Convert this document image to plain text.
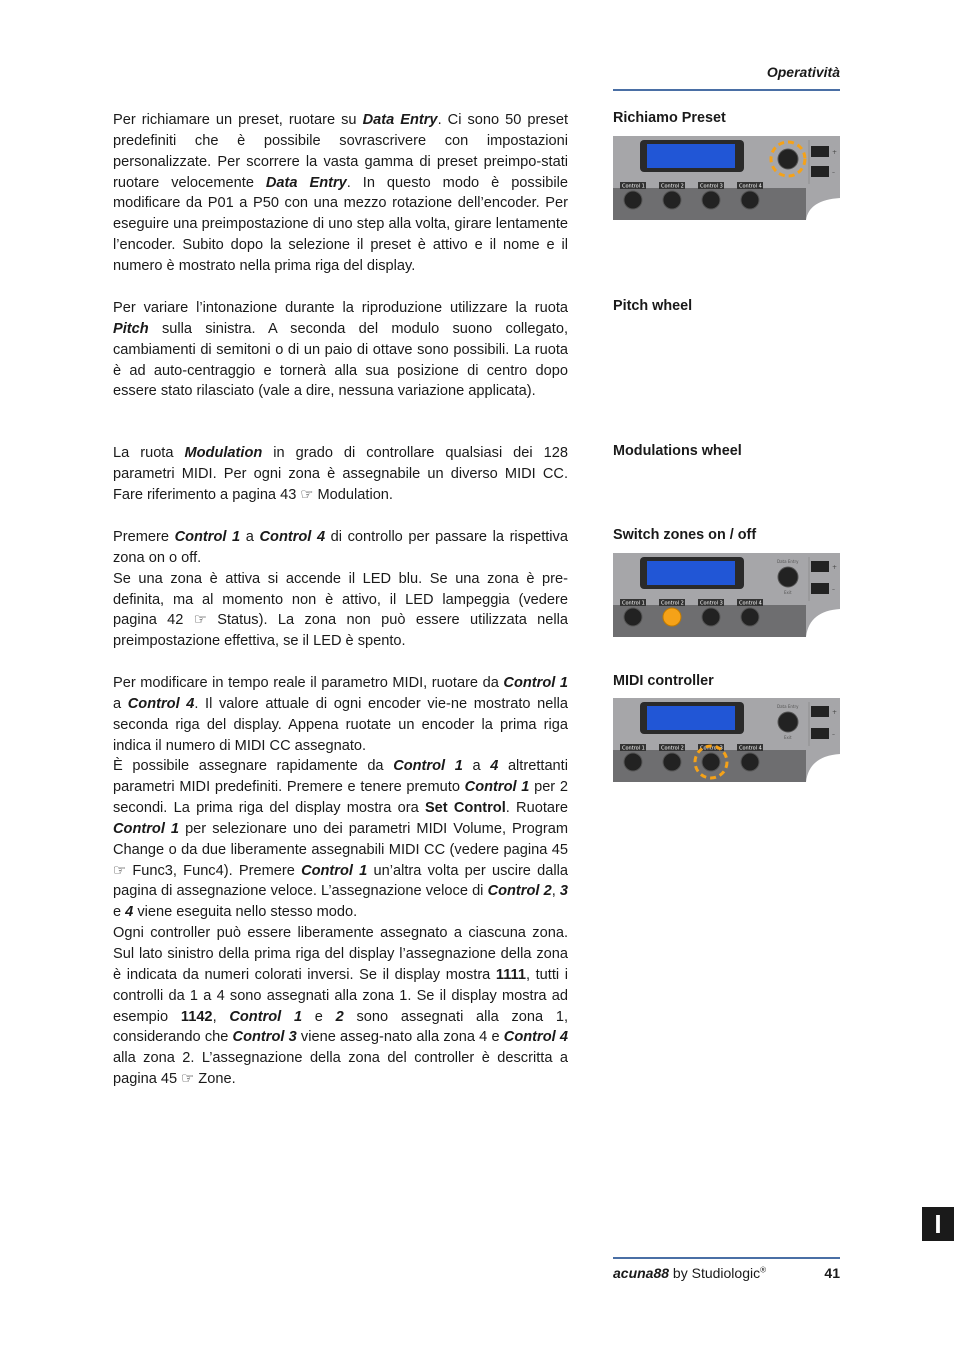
Operatività

Per richiamare un preset, ruotare su Data Entry. Ci sono 50 preset predefiniti che è possibile sovrascrivere con impostazioni personalizzate. Per scorrere la vasta gamma di preset preimpo-stati ruotare velocemente Data Entry. In questo modo è possibile modificare da P01 a P50 con una mezzo rotazione dell’encoder. Per eseguire una preimpostazione di uno step alla volta, girare lentamente l’encoder. Subito dopo la selezione il preset è attivo e il nome e il numero è mostrato nella prima riga del display.

Per variare l’intonazione durante la riproduzione utilizzare la ruota Pitch sulla sinistra. A seconda del modulo suono collegato, cambiamenti di semitoni o di un paio di ottave sono possibili. La ruota è ad auto-centraggio e tornerà alla sua posizione di centro dopo essere stato rilasciato (vale a dire, nessuna variazione applicata).

La ruota Modulation in grado di controllare qualsiasi dei 128 parametri MIDI. Per ogni zona è assegnabile un diverso MIDI CC. Fare riferimento a pagina 43 ☞ Modulation.

Premere Control 1 a Control 4 di controllo per passare la rispettiva zona on o off.
Se una zona è attiva si accende il LED blu. Se una zona è pre-definita, ma al momento non è attivo, il LED lampeggia (vedere pagina 42 ☞ Status). La zona non può essere utilizzata nella preimpostazione effettiva, se il LED è spento.

Per modificare in tempo reale il parametro MIDI, ruotare da Control 1 a Control 4. Il valore attuale di ogni encoder vie-ne mostrato nella seconda riga del display. Appena ruotate un encoder la prima riga indica il numero di MIDI CC assegnato.
È possibile assegnare rapidamente da Control 1 a 4 altrettanti parametri MIDI predefiniti. Premere e tenere premuto Control 1 per 2 secondi. La prima riga del display mostra ora Set Control. Ruotare Control 1 per selezionare uno dei parametri MIDI Volume, Program Change o da due liberamente assegnabili MIDI CC (vedere pagina 45 ☞ Func3, Func4). Premere Control 1 un’altra volta per uscire dalla pagina di assegnazione veloce. L’assegnazione veloce di Control 2, 3 e 4 viene eseguita nello stesso modo.
Ogni controller può essere liberamente assegnato a ciascuna zona. Sul lato sinistro della prima riga del display l’assegnazione della zona è indicata da numeri colorati inversi. Se il display mostra 1111, tutti i controlli da 1 a 4 sono assegnati alla zona 1. Se il display mostra ad esempio 1142, Control 1 e 2 sono assegnati alla zona 1, considerando che Control 3 viene asseg-nato alla zona 4 e Control 4 alla zona 2. L’assegnazione della zona del controller è descritta a pagina 45 ☞ Zone.

Richiamo Preset
Pitch wheel
Modulations wheel
Switch zones on / off
MIDI controller
Control 1	Control 2	Control 3	Control 4
+
–
Control 1	Control 2	Control 3	Control 4
Data Entry
Exit
+
–
Control 1	Control 2	Control 3	Control 4
Data Entry
Exit
+
–
acuna88 by Studiologic®	41
I
